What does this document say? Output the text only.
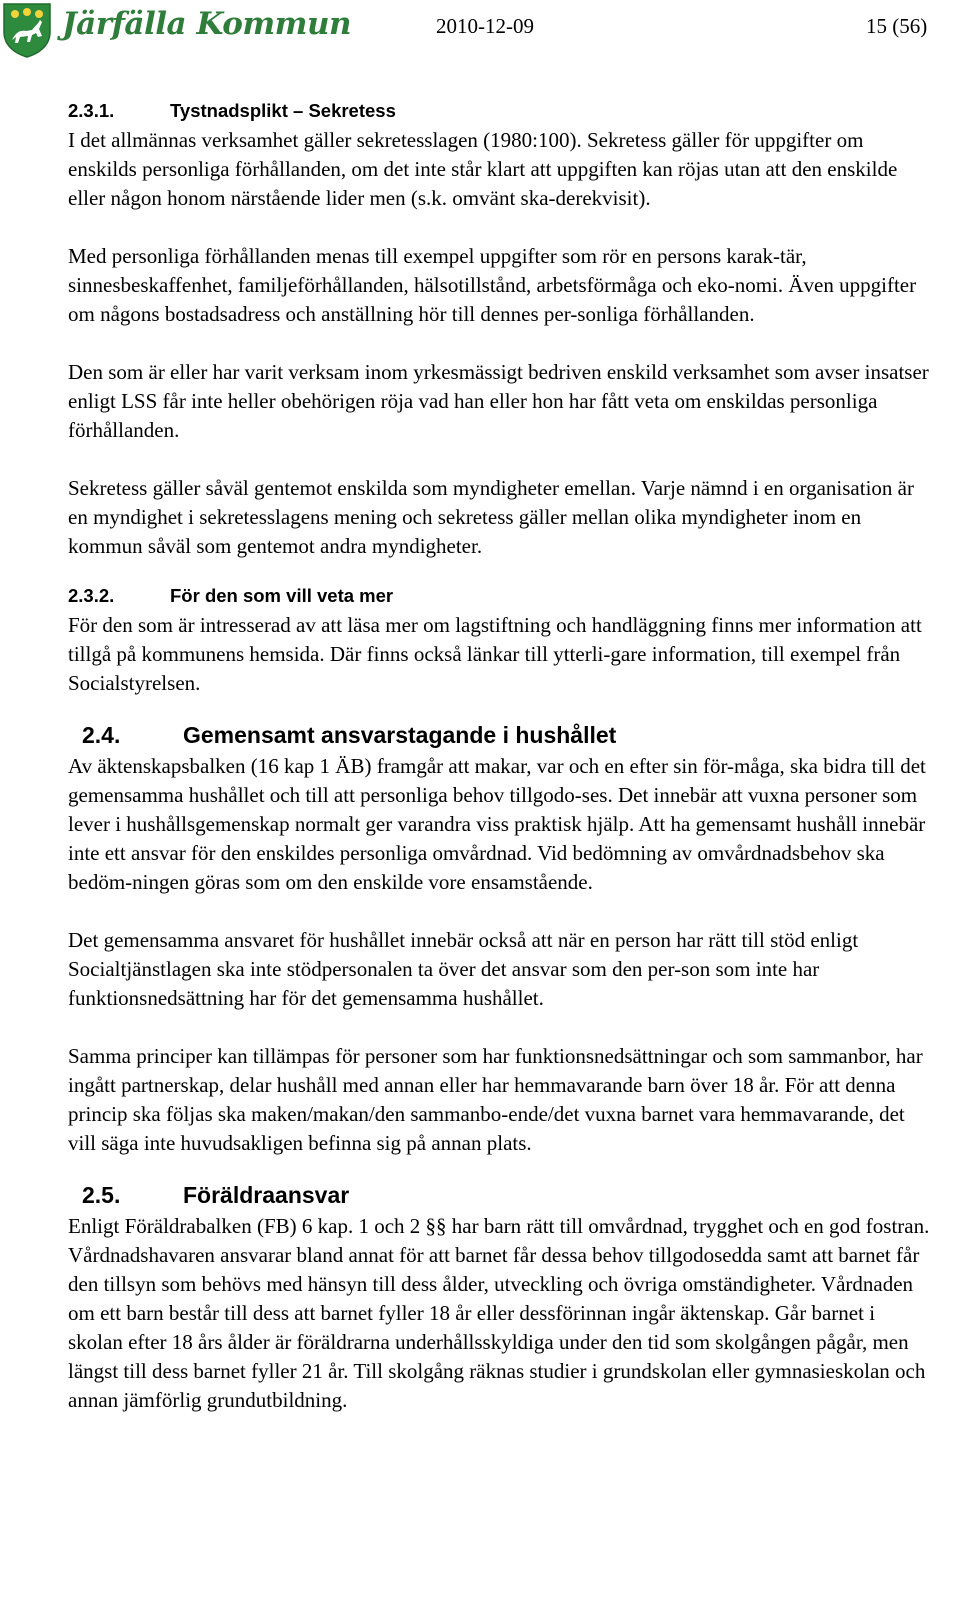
Järfälla Kommun	2010-12-09	15 (56)
2.3.1.	Tystnadsplikt – Sekretess

I det allmännas verksamhet gäller sekretesslagen (1980:100). Sekretess gäller för uppgifter om enskilds personliga förhållanden, om det inte står klart att uppgiften kan röjas utan att den enskilde eller någon honom närstående lider men (s.k. omvänt ska-derekvisit).

Med personliga förhållanden menas till exempel uppgifter som rör en persons karak-tär, sinnesbeskaffenhet, familjeförhållanden, hälsotillstånd, arbetsförmåga och eko-nomi. Även uppgifter om någons bostadsadress och anställning hör till dennes per-sonliga förhållanden.

Den som är eller har varit verksam inom yrkesmässigt bedriven enskild verksamhet som avser insatser enligt LSS får inte heller obehörigen röja vad han eller hon har fått veta om enskildas personliga förhållanden.

Sekretess gäller såväl gentemot enskilda som myndigheter emellan. Varje nämnd i en organisation är en myndighet i sekretesslagens mening och sekretess gäller mellan olika myndigheter inom en kommun såväl som gentemot andra myndigheter.

2.3.2.	För den som vill veta mer

För den som är intresserad av att läsa mer om lagstiftning och handläggning finns mer information att tillgå på kommunens hemsida. Där finns också länkar till ytterli-gare information, till exempel från Socialstyrelsen.

2.4.	Gemensamt ansvarstagande i hushållet

Av äktenskapsbalken (16 kap 1 ÄB) framgår att makar, var och en efter sin för-måga, ska bidra till det gemensamma hushållet och till att personliga behov tillgodo-ses. Det innebär att vuxna personer som lever i hushållsgemenskap normalt ger varandra viss praktisk hjälp. Att ha gemensamt hushåll innebär inte ett ansvar för den enskildes personliga omvårdnad. Vid bedömning av omvårdnadsbehov ska bedöm-ningen göras som om den enskilde vore ensamstående.

Det gemensamma ansvaret för hushållet innebär också att när en person har rätt till stöd enligt Socialtjänstlagen ska inte stödpersonalen ta över det ansvar som den per-son som inte har funktionsnedsättning har för det gemensamma hushållet.

Samma principer kan tillämpas för personer som har funktionsnedsättningar och som sammanbor, har ingått partnerskap, delar hushåll med annan eller har hemmavarande barn över 18 år. För att denna princip ska följas ska maken/makan/den sammanbo-ende/det vuxna barnet vara hemmavarande, det vill säga inte huvudsakligen befinna sig på annan plats.

2.5.	Föräldraansvar

Enligt Föräldrabalken (FB) 6 kap. 1 och 2 §§ har barn rätt till omvårdnad, trygghet och en god fostran. Vårdnadshavaren ansvarar bland annat för att barnet får dessa behov tillgodosedda samt att barnet får den tillsyn som behövs med hänsyn till dess ålder, utveckling och övriga omständigheter. Vårdnaden om ett barn består till dess att barnet fyller 18 år eller dessförinnan ingår äktenskap. Går barnet i skolan efter 18 års ålder är föräldrarna underhållsskyldiga under den tid som skolgången pågår, men längst till dess barnet fyller 21 år. Till skolgång räknas studier i grundskolan eller gymnasieskolan och annan jämförlig grundutbildning.
